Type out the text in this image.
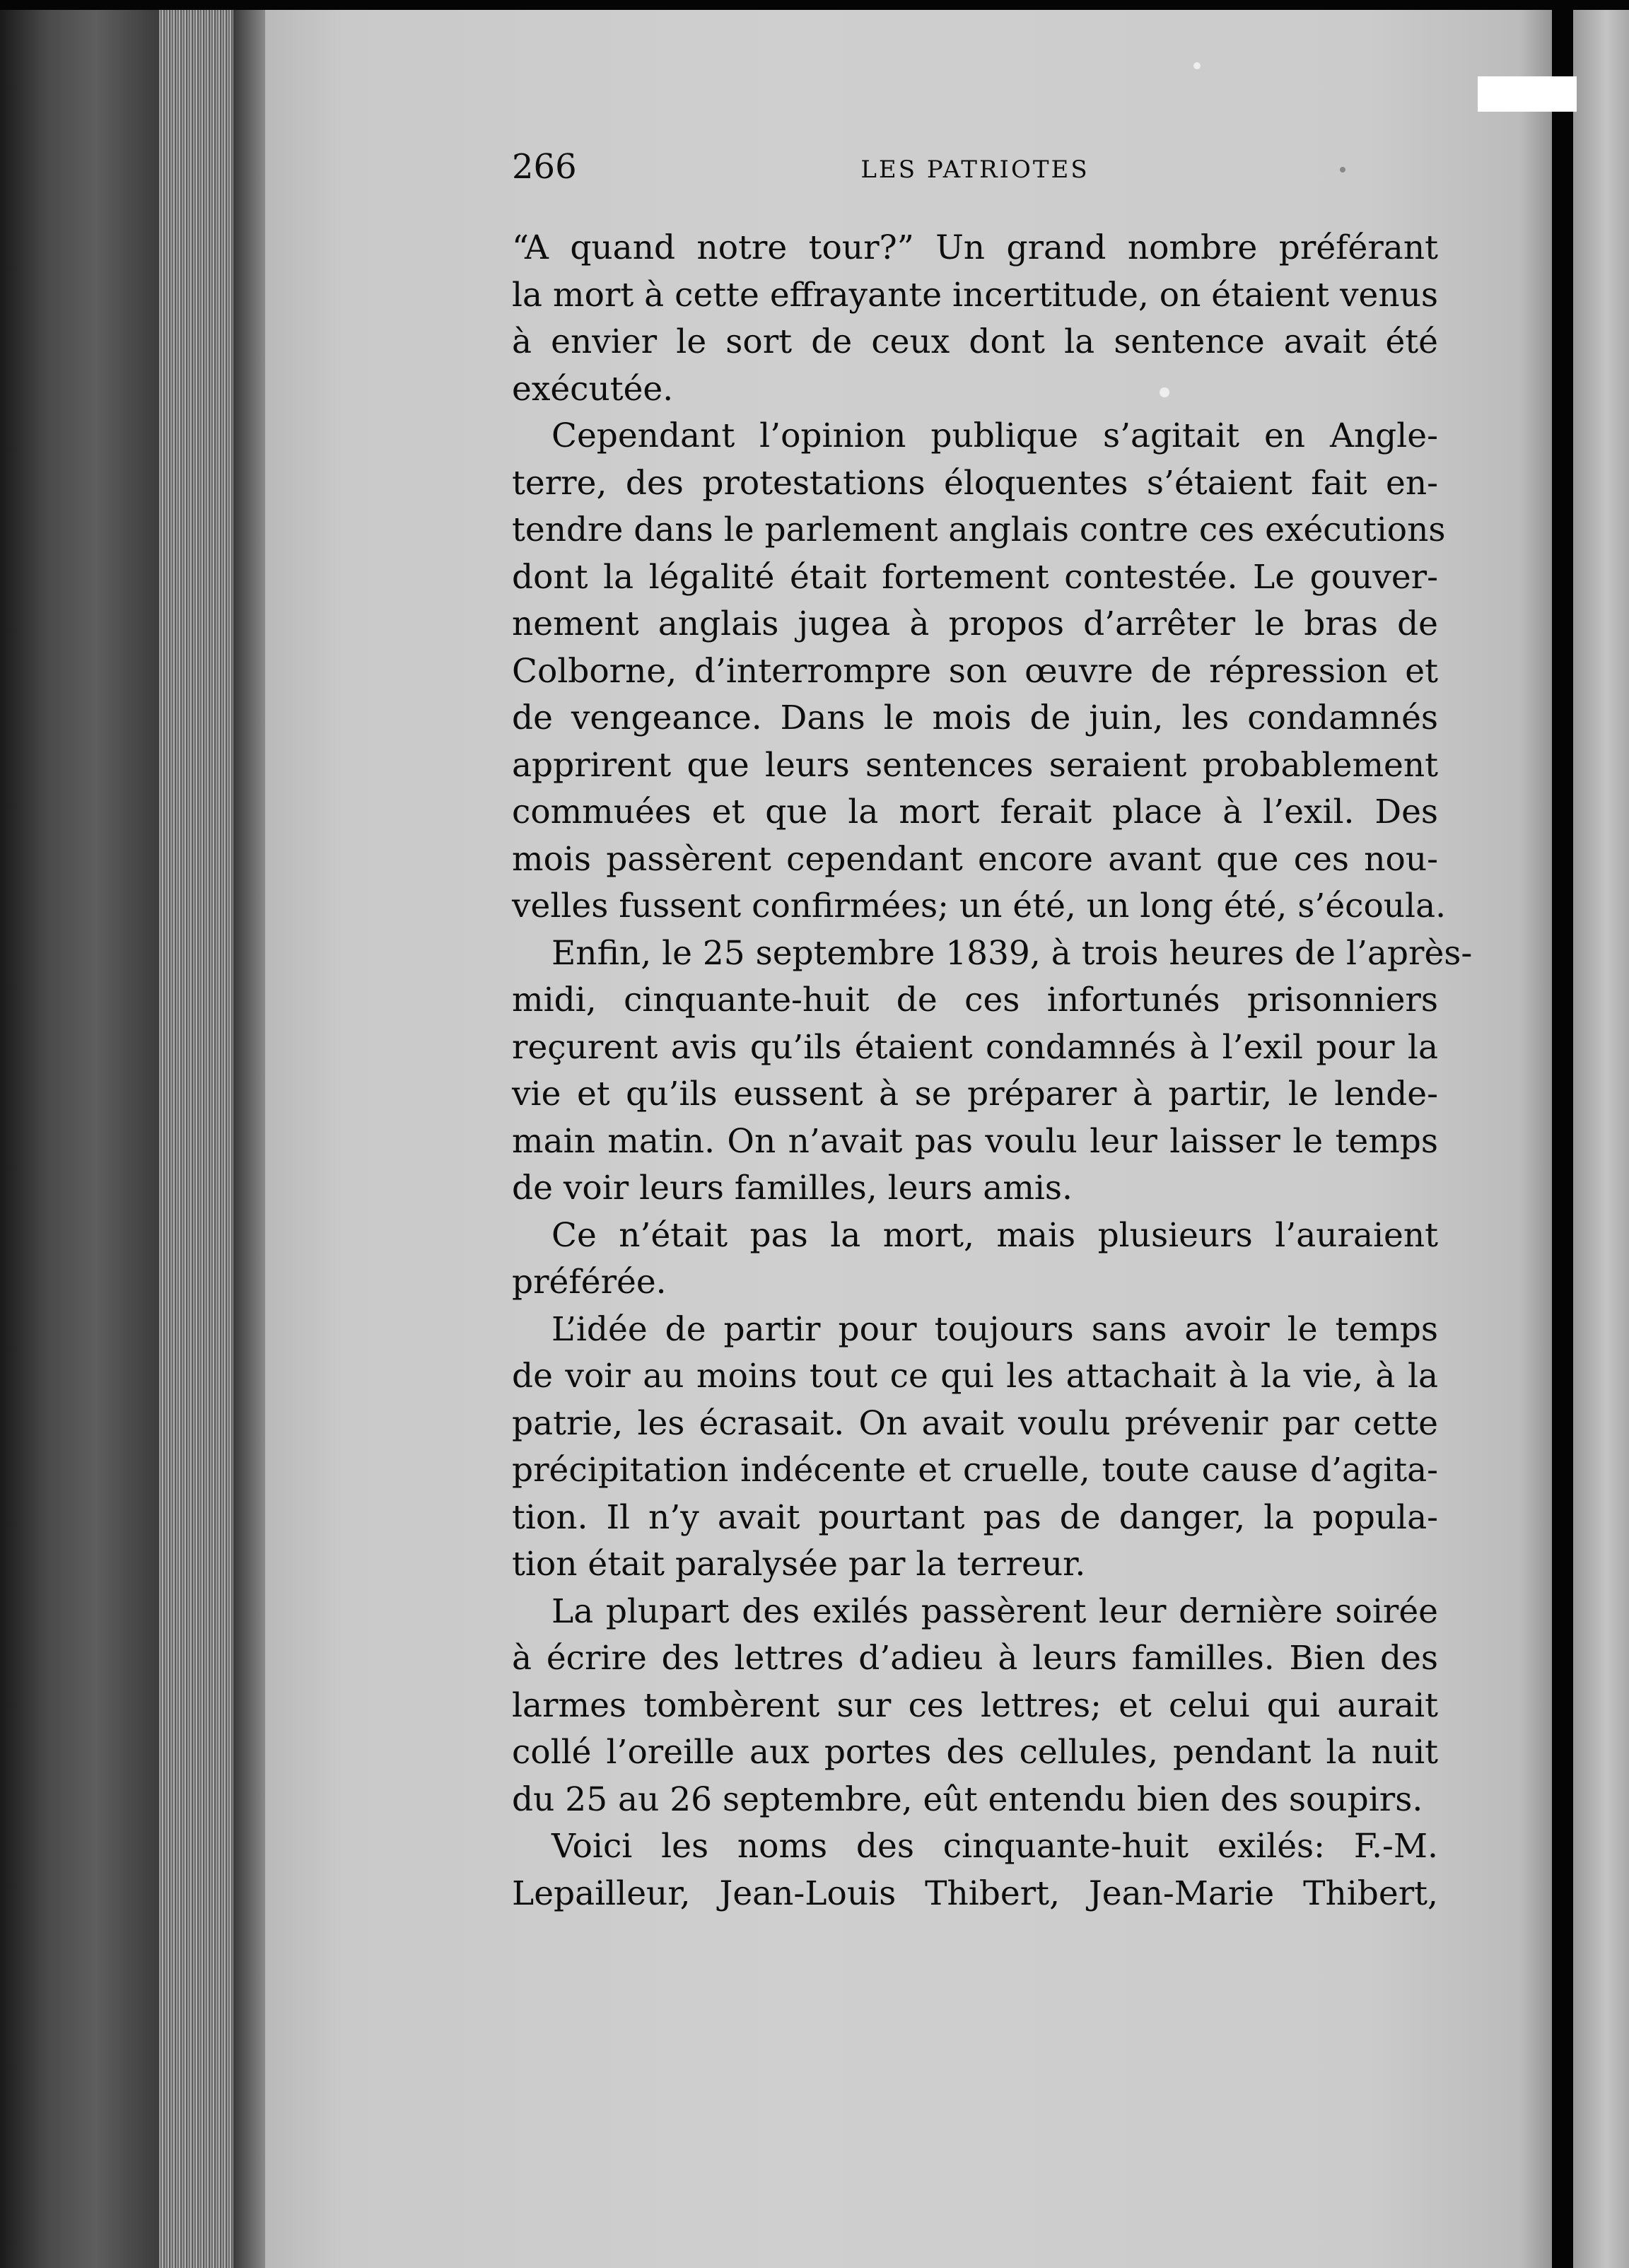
266	LES PATRIOTES
“A quand notre tour?” Un grand nombre préférant
la mort à cette effrayante incertitude, on étaient venus
à envier le sort de ceux dont la sentence avait été
exécutée.
Cependant l’opinion publique s’agitait en Angle-
terre, des protestations éloquentes s’étaient fait en-
tendre dans le parlement anglais contre ces exécutions
dont la légalité était fortement contestée. Le gouver-
nement anglais jugea à propos d’arrêter le bras de
Colborne, d’interrompre son œuvre de répression et
de vengeance. Dans le mois de juin, les condamnés
apprirent que leurs sentences seraient probablement
commuées et que la mort ferait place à l’exil. Des
mois passèrent cependant encore avant que ces nou-
velles fussent confirmées; un été, un long été, s’écoula.
Enfin, le 25 septembre 1839, à trois heures de l’après-
midi, cinquante-huit de ces infortunés prisonniers
reçurent avis qu’ils étaient condamnés à l’exil pour la
vie et qu’ils eussent à se préparer à partir, le lende-
main matin. On n’avait pas voulu leur laisser le temps
de voir leurs familles, leurs amis.
Ce n’était pas la mort, mais plusieurs l’auraient
préférée.
L’idée de partir pour toujours sans avoir le temps
de voir au moins tout ce qui les attachait à la vie, à la
patrie, les écrasait. On avait voulu prévenir par cette
précipitation indécente et cruelle, toute cause d’agita-
tion. Il n’y avait pourtant pas de danger, la popula-
tion était paralysée par la terreur.
La plupart des exilés passèrent leur dernière soirée
à écrire des lettres d’adieu à leurs familles. Bien des
larmes tombèrent sur ces lettres; et celui qui aurait
collé l’oreille aux portes des cellules, pendant la nuit
du 25 au 26 septembre, eût entendu bien des soupirs.
Voici les noms des cinquante-huit exilés: F.-M.
Lepailleur, Jean-Louis Thibert, Jean-Marie Thibert,
